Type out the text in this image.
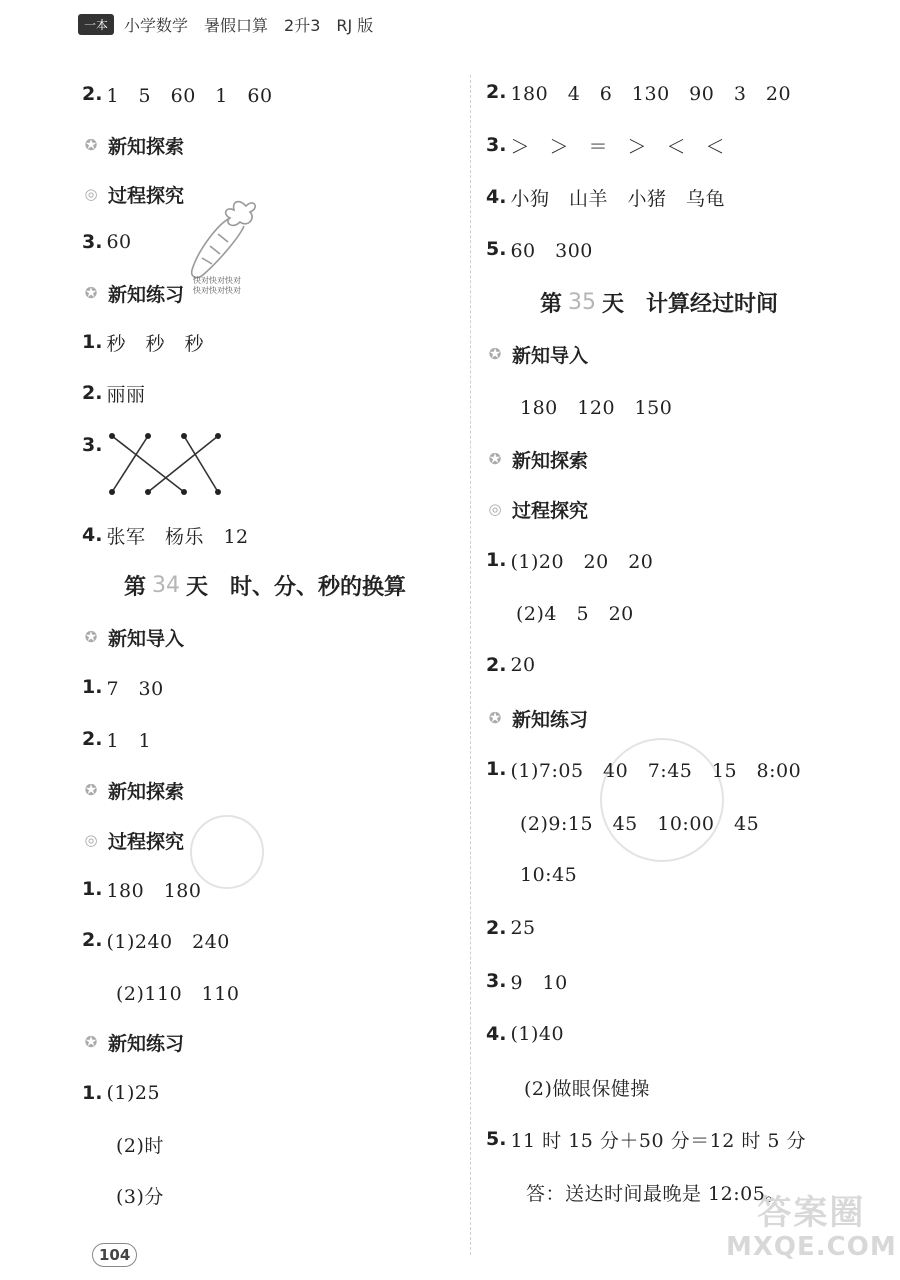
一本	小学数学　暑假口算　2升3　RJ 版
2. 1　5　60　1　60
✪ 新知探索
◎ 过程探究
3. 60
✪ 新知练习
1. 秒　秒　秒
2. 丽丽
3.
4. 张军　杨乐　12
第 34 天　时、分、秒的换算
✪ 新知导入
1. 7　30
2. 1　1
✪ 新知探索
◎ 过程探究
1. 180　180
2. (1)240　240
(2)110　110
✪ 新知练习
1. (1)25
(2)时
(3)分
快对快对快对
快对快对快对
2. 180　4　6　130　90　3　20
3. ＞　＞　＝　＞　＜　＜
4. 小狗　山羊　小猪　乌龟
5. 60　300
第 35 天　计算经过时间
✪ 新知导入
180　120　150
✪ 新知探索
◎ 过程探究
1. (1)20　20　20
(2)4　5　20
2. 20
✪ 新知练习
1. (1)7:05　40　7:45　15　8:00
(2)9:15　45　10:00　45
10:45
2. 25
3. 9　10
4. (1)40
(2)做眼保健操
5. 11 时 15 分＋50 分＝12 时 5 分
答：送达时间最晚是 12:05。
104
答案圈
MXQE.COM
